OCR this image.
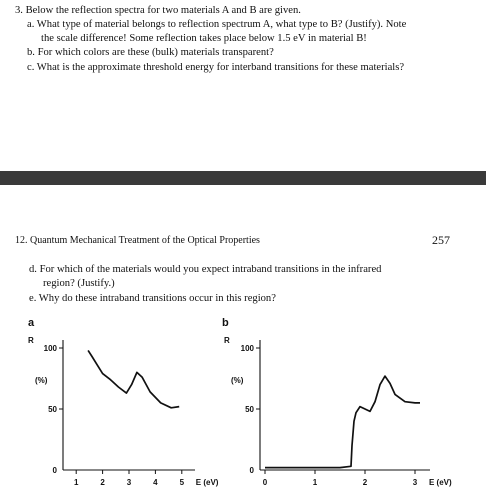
3. Below the reflection spectra for two materials A and B are given.
a. What type of material belongs to reflection spectrum A, what type to B? (Justify). Note
the scale difference! Some reflection takes place below 1.5 eV in material B!
b. For which colors are these (bulk) materials transparent?
c. What is the approximate threshold energy for interband transitions for these materials?
12. Quantum Mechanical Treatment of the Optical Properties	257
d. For which of the materials would you expect intraband transitions in the infrared
region? (Justify.)
e. Why do these intraband transitions occur in this region?
a
R
(%)
100
50
0
1	2	3	4	5 E (eV)
b
R
(%)
100
50
0
0	1	2	3 E (eV)
